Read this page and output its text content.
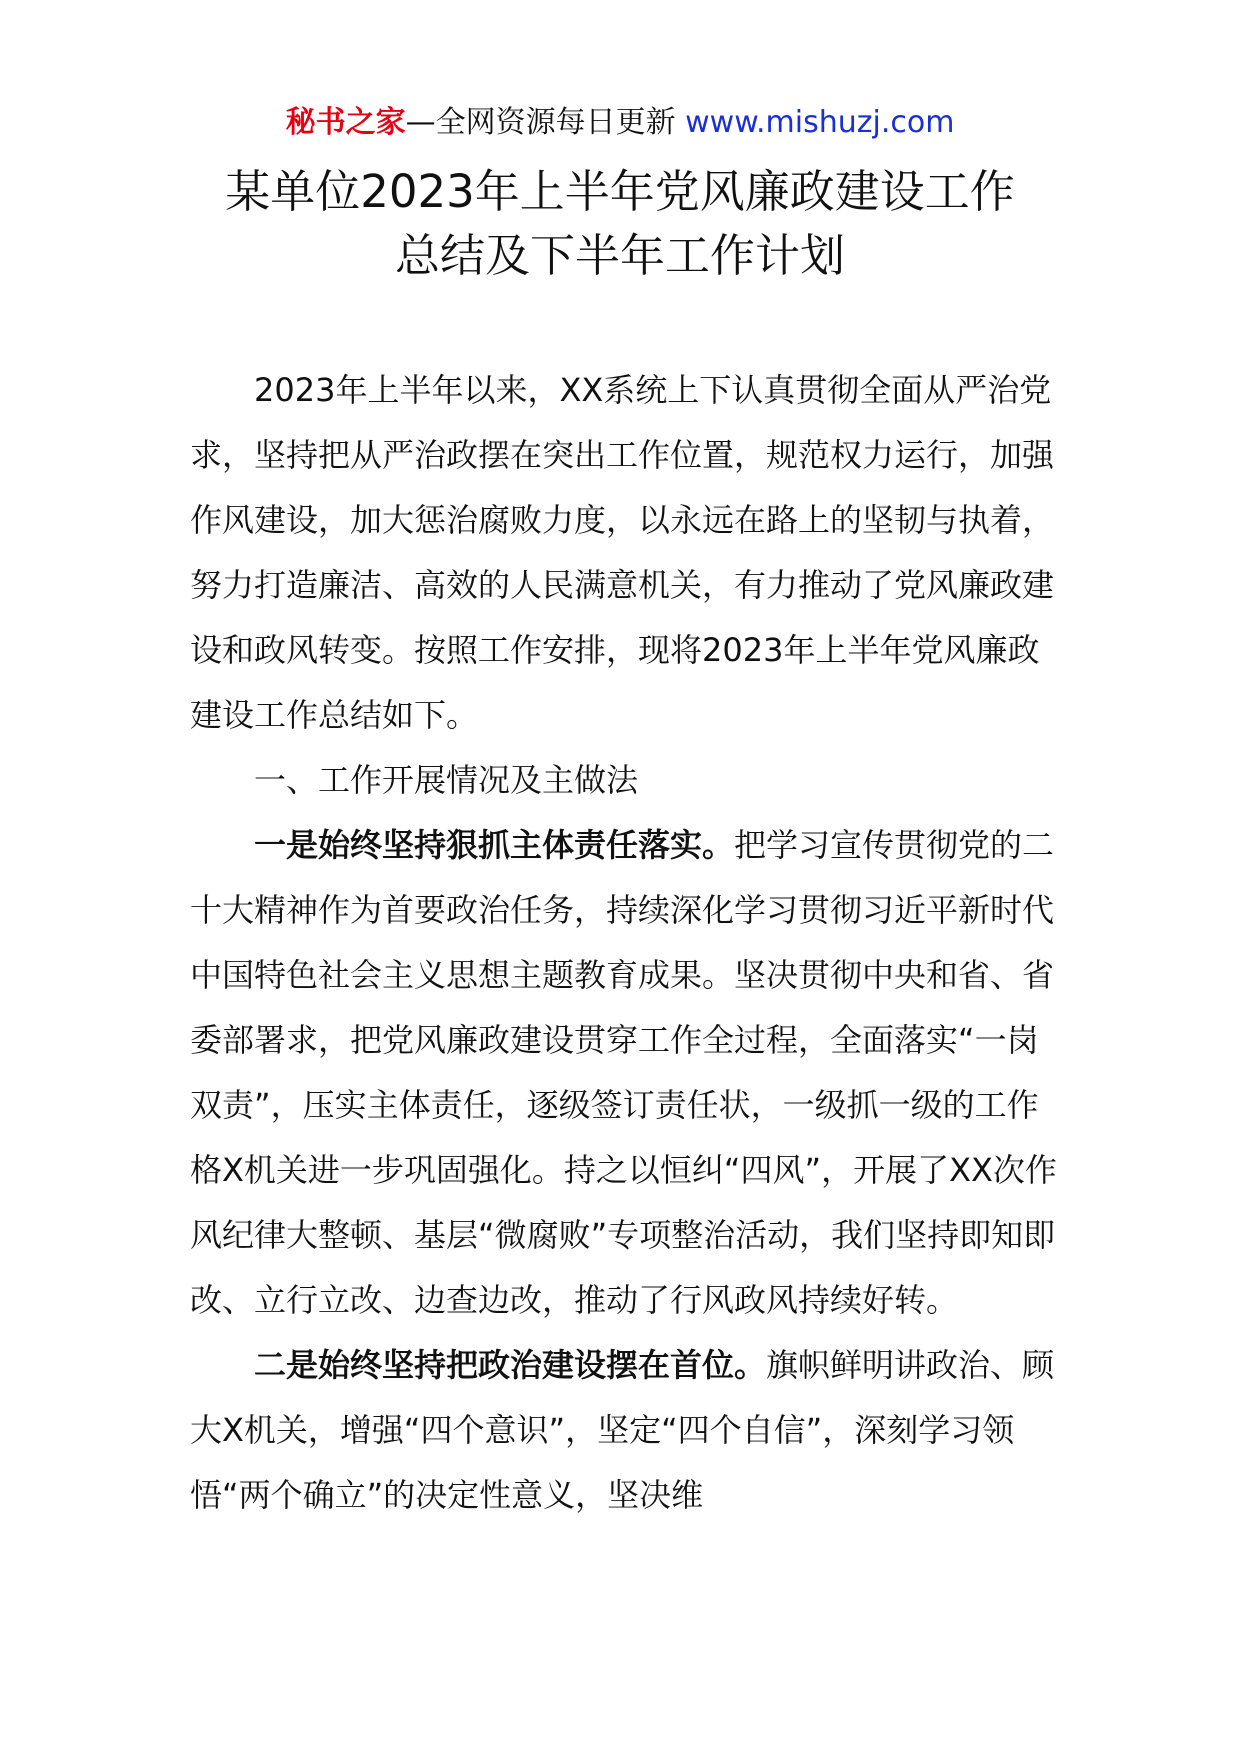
秘书之家—全网资源每日更新 www.mishuzj.com
某单位2023年上半年党风廉政建设工作
总结及下半年工作计划

2023年上半年以来，XX系统上下认真贯彻全面从严治党求，坚持把从严治政摆在突出工作位置，规范权力运行，加强作风建设，加大惩治腐败力度，以永远在路上的坚韧与执着，努力打造廉洁、高效的人民满意机关，有力推动了党风廉政建设和政风转变。按照工作安排，现将2023年上半年党风廉政建设工作总结如下。

一、工作开展情况及主做法

一是始终坚持狠抓主体责任落实。把学习宣传贯彻党的二十大精神作为首要政治任务，持续深化学习贯彻习近平新时代中国特色社会主义思想主题教育成果。坚决贯彻中央和省、省委部署求，把党风廉政建设贯穿工作全过程，全面落实“一岗双责”，压实主体责任，逐级签订责任状，一级抓一级的工作格X机关进一步巩固强化。持之以恒纠“四风”，开展了XX次作风纪律大整顿、基层“微腐败”专项整治活动，我们坚持即知即改、立行立改、边查边改，推动了行风政风持续好转。

二是始终坚持把政治建设摆在首位。旗帜鲜明讲政治、顾大X机关，增强“四个意识”，坚定“四个自信”，深刻学习领悟“两个确立”的决定性意义，坚决维
